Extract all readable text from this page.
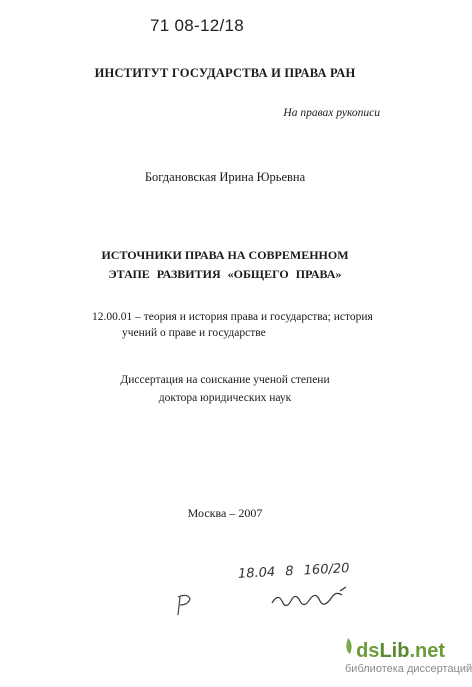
71 08-12/18
ИНСТИТУТ ГОСУДАРСТВА И ПРАВА РАН
На правах рукописи
Богдановская Ирина Юрьевна
ИСТОЧНИКИ ПРАВА НА СОВРЕМЕННОМ
ЭТАПЕ РАЗВИТИЯ «ОБЩЕГО ПРАВА»
12.00.01 – теория и история права и государства; история
учений о праве и государстве
Диссертация на соискание ученой степени
доктора юридических наук
Москва – 2007
18.04 8 160/20
dsLib.net
библиотека диссертаций
